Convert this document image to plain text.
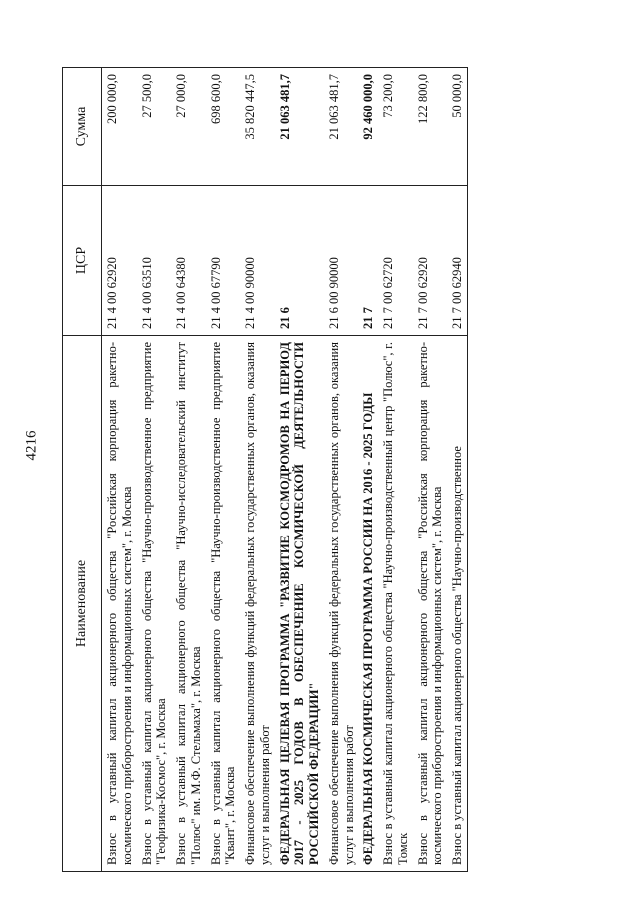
4216
Наименование	ЦСР	Сумма
Взнос в уставный капитал акционерного общества "Российская корпорация ракетно-космического приборостроения и информационных систем", г. Москва	21 4 00 62920	200 000,0
Взнос в уставный капитал акционерного общества "Научно-производственное предприятие "Геофизика-Космос", г. Москва	21 4 00 63510	27 500,0
Взнос в уставный капитал акционерного общества "Научно-исследовательский институт "Полюс" им. М.Ф. Стельмаха", г. Москва	21 4 00 64380	27 000,0
Взнос в уставный капитал акционерного общества "Научно-производственное предприятие "Квант", г. Москва	21 4 00 67790	698 600,0
Финансовое обеспечение выполнения функций федеральных государственных органов, оказания услуг и выполнения работ	21 4 00 90000	35 820 447,5
ФЕДЕРАЛЬНАЯ ЦЕЛЕВАЯ ПРОГРАММА "РАЗВИТИЕ КОСМОДРОМОВ НА ПЕРИОД 2017 - 2025 ГОДОВ В ОБЕСПЕЧЕНИЕ КОСМИЧЕСКОЙ ДЕЯТЕЛЬНОСТИ РОССИЙСКОЙ ФЕДЕРАЦИИ"	21 6	21 063 481,7
Финансовое обеспечение выполнения функций федеральных государственных органов, оказания услуг и выполнения работ	21 6 00 90000	21 063 481,7
ФЕДЕРАЛЬНАЯ КОСМИЧЕСКАЯ ПРОГРАММА РОССИИ НА 2016 - 2025 ГОДЫ	21 7	92 460 000,0
Взнос в уставный капитал акционерного общества "Научно-производственный центр "Полюс", г. Томск	21 7 00 62720	73 200,0
Взнос в уставный капитал акционерного общества "Российская корпорация ракетно-космического приборостроения и информационных систем", г. Москва	21 7 00 62920	122 800,0
Взнос в уставный капитал акционерного общества "Научно-производственное	21 7 00 62940	50 000,0
